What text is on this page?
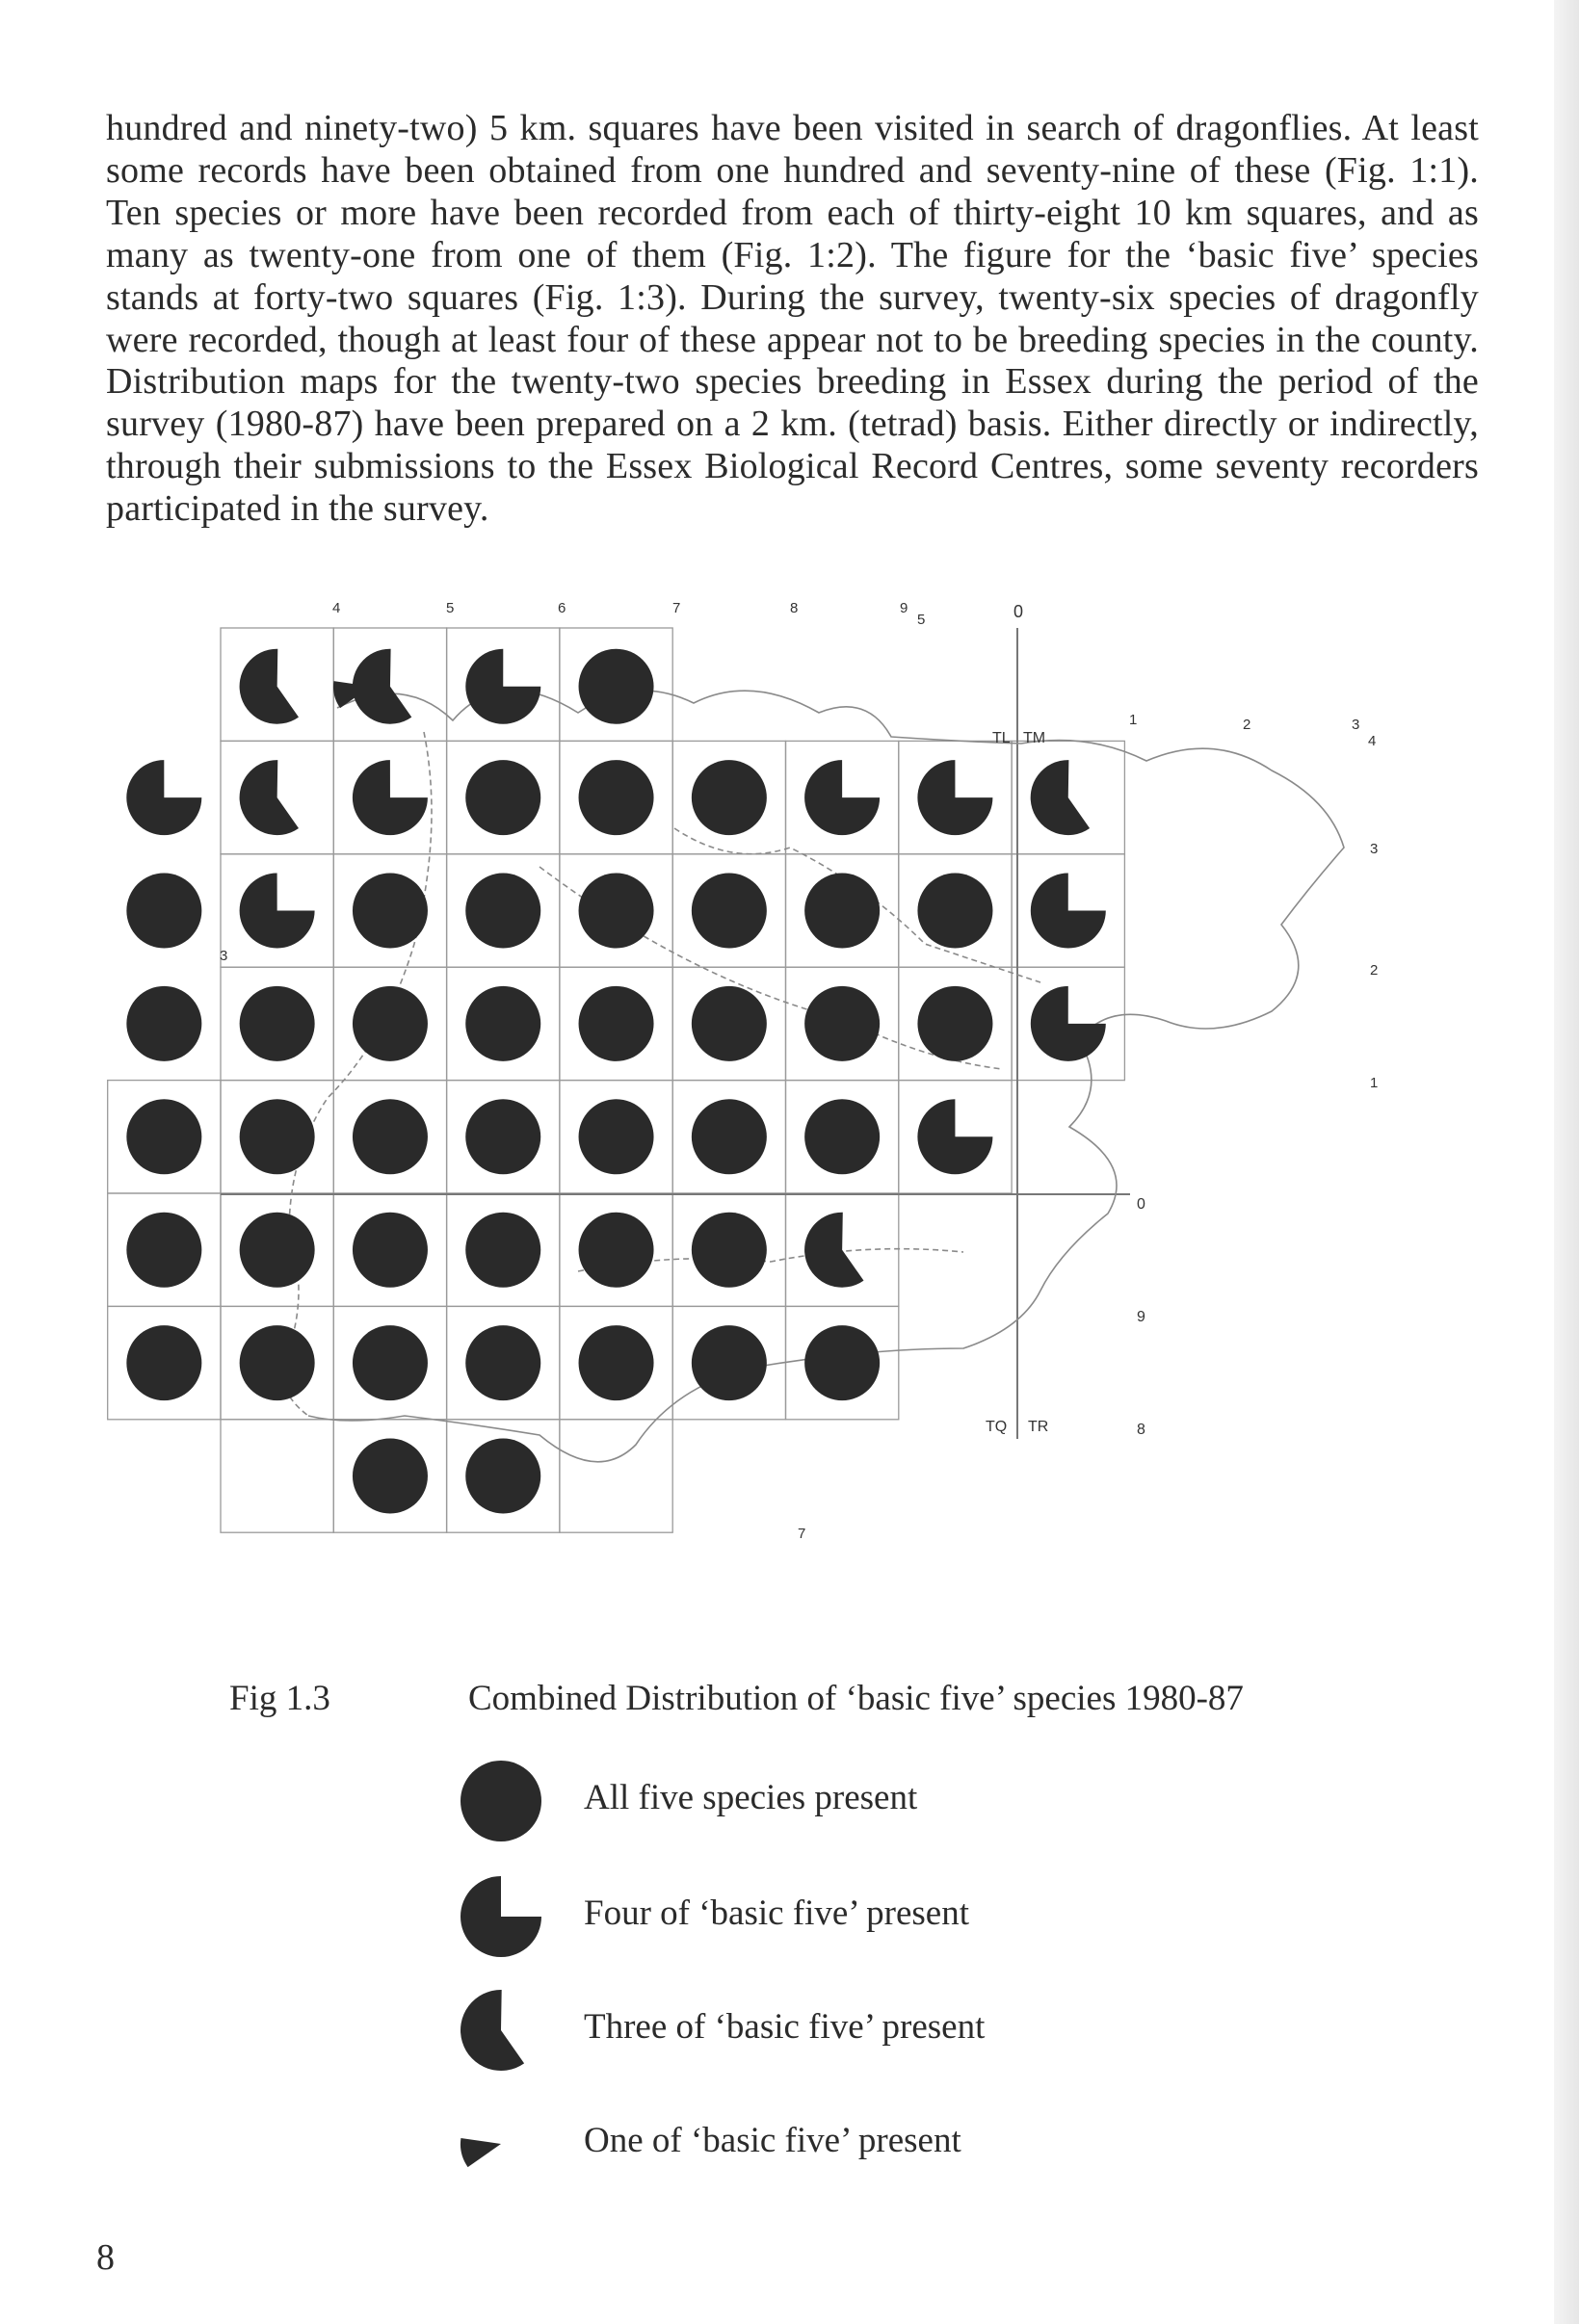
hundred and ninety-two) 5 km. squares have been visited in search of dragonflies. At least some records have been obtained from one hundred and seventy-nine of these (Fig. 1:1). Ten species or more have been recorded from each of thirty-eight 10 km squares, and as many as twenty-one from one of them (Fig. 1:2). The figure for the ‘basic five’ species stands at forty-two squares (Fig. 1:3). During the survey, twenty-six species of dragonfly were recorded, though at least four of these appear not to be breeding species in the county. Distribution maps for the twenty-two species breeding in Essex during the period of the survey (1980-87) have been prepared on a 2 km. (tetrad) basis. Either directly or indirectly, through their submissions to the Essex Biological Record Centres, some seventy recorders participated in the survey.

4	5	6	7	8	9
5	0
1	2	3
4
3
2
1
0
9
8
3
7
TL TM
TQ TR

Fig 1.3	Combined Distribution of ‘basic five’ species 1980-87

All five species present
Four of ‘basic five’ present
Three of ‘basic five’ present
One of ‘basic five’ present

8
